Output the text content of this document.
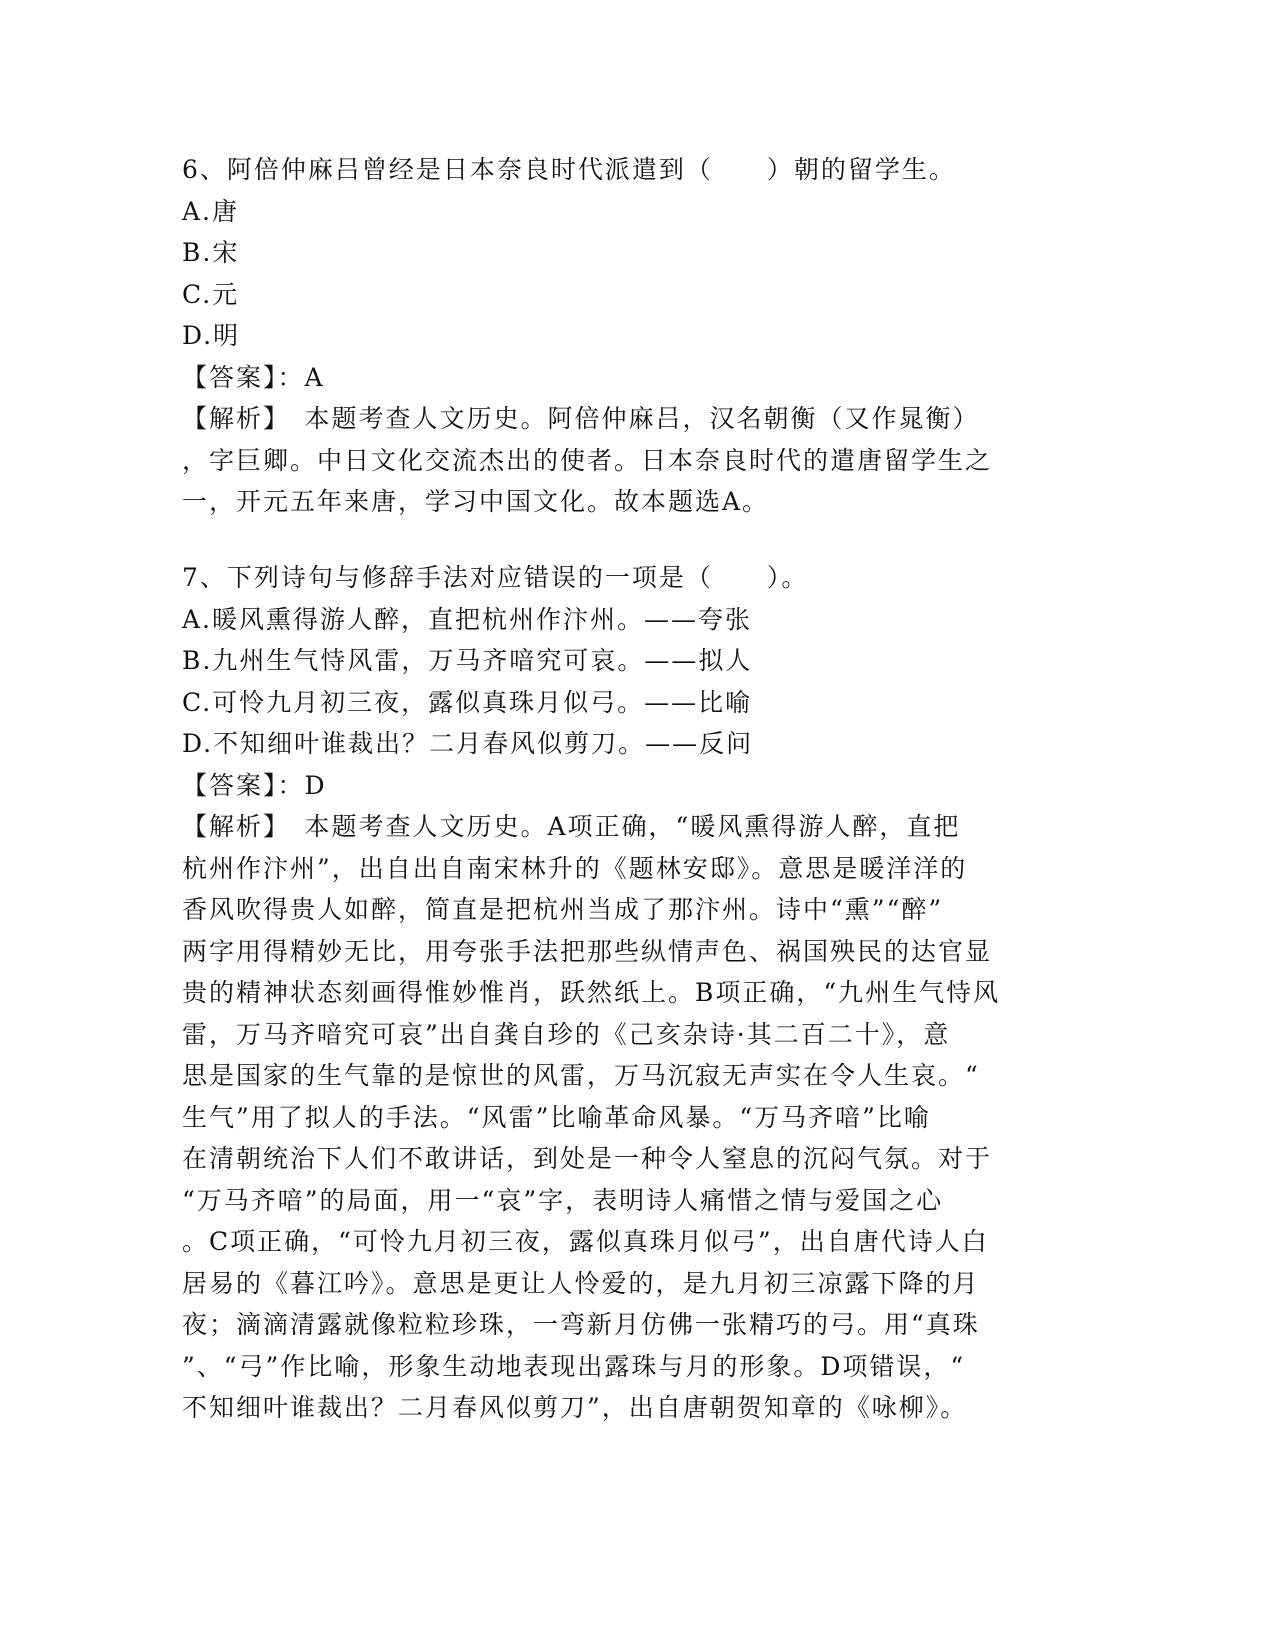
6、阿倍仲麻吕曾经是日本奈良时代派遣到（　　）朝的留学生。
A.唐
B.宋
C.元
D.明
【答案】：A
【解析】　本题考查人文历史。阿倍仲麻吕，汉名朝衡（又作晁衡）
，字巨卿。中日文化交流杰出的使者。日本奈良时代的遣唐留学生之
一，开元五年来唐，学习中国文化。故本题选A。
7、下列诗句与修辞手法对应错误的一项是（　　）。
A.暖风熏得游人醉，直把杭州作汴州。——夸张
B.九州生气恃风雷，万马齐喑究可哀。——拟人
C.可怜九月初三夜，露似真珠月似弓。——比喻
D.不知细叶谁裁出？二月春风似剪刀。——反问
【答案】：D
【解析】　本题考查人文历史。A项正确，“暖风熏得游人醉，直把
杭州作汴州”，出自出自南宋林升的《题林安邸》。意思是暖洋洋的
香风吹得贵人如醉，简直是把杭州当成了那汴州。诗中“熏”“醉”
两字用得精妙无比，用夸张手法把那些纵情声色、祸国殃民的达官显
贵的精神状态刻画得惟妙惟肖，跃然纸上。B项正确，“九州生气恃风
雷，万马齐喑究可哀”出自龚自珍的《己亥杂诗·其二百二十》，意
思是国家的生气靠的是惊世的风雷，万马沉寂无声实在令人生哀。“
生气”用了拟人的手法。“风雷”比喻革命风暴。“万马齐喑”比喻
在清朝统治下人们不敢讲话，到处是一种令人窒息的沉闷气氛。对于
“万马齐喑”的局面，用一“哀”字，表明诗人痛惜之情与爱国之心
。C项正确，“可怜九月初三夜，露似真珠月似弓”，出自唐代诗人白
居易的《暮江吟》。意思是更让人怜爱的，是九月初三凉露下降的月
夜；滴滴清露就像粒粒珍珠，一弯新月仿佛一张精巧的弓。用“真珠
”、“弓”作比喻，形象生动地表现出露珠与月的形象。D项错误，“
不知细叶谁裁出？二月春风似剪刀”，出自唐朝贺知章的《咏柳》。
